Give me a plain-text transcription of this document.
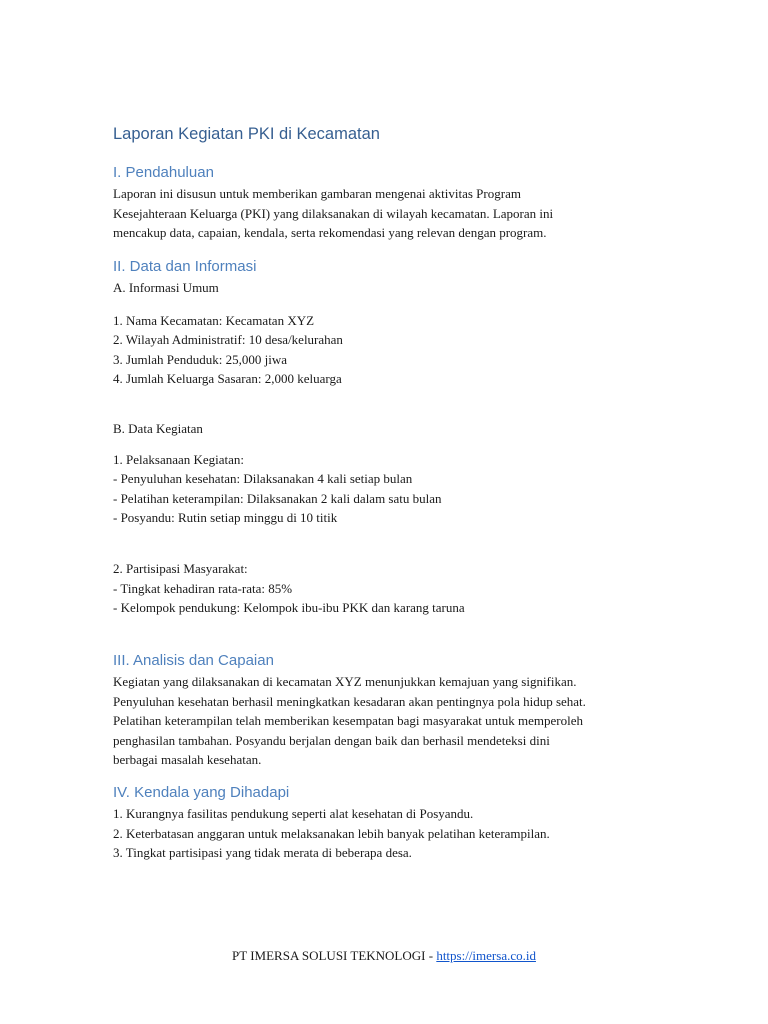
Laporan Kegiatan PKI di Kecamatan
I. Pendahuluan
Laporan ini disusun untuk memberikan gambaran mengenai aktivitas Program
Kesejahteraan Keluarga (PKI) yang dilaksanakan di wilayah kecamatan. Laporan ini
mencakup data, capaian, kendala, serta rekomendasi yang relevan dengan program.
II. Data dan Informasi
A. Informasi Umum
1. Nama Kecamatan: Kecamatan XYZ
2. Wilayah Administratif: 10 desa/kelurahan
3. Jumlah Penduduk: 25,000 jiwa
4. Jumlah Keluarga Sasaran: 2,000 keluarga
B. Data Kegiatan
1. Pelaksanaan Kegiatan:
- Penyuluhan kesehatan: Dilaksanakan 4 kali setiap bulan
- Pelatihan keterampilan: Dilaksanakan 2 kali dalam satu bulan
- Posyandu: Rutin setiap minggu di 10 titik
2. Partisipasi Masyarakat:
- Tingkat kehadiran rata-rata: 85%
- Kelompok pendukung: Kelompok ibu-ibu PKK dan karang taruna
III. Analisis dan Capaian
Kegiatan yang dilaksanakan di kecamatan XYZ menunjukkan kemajuan yang signifikan.
Penyuluhan kesehatan berhasil meningkatkan kesadaran akan pentingnya pola hidup sehat.
Pelatihan keterampilan telah memberikan kesempatan bagi masyarakat untuk memperoleh
penghasilan tambahan. Posyandu berjalan dengan baik dan berhasil mendeteksi dini
berbagai masalah kesehatan.
IV. Kendala yang Dihadapi
1. Kurangnya fasilitas pendukung seperti alat kesehatan di Posyandu.
2. Keterbatasan anggaran untuk melaksanakan lebih banyak pelatihan keterampilan.
3. Tingkat partisipasi yang tidak merata di beberapa desa.
PT IMERSA SOLUSI TEKNOLOGI - https://imersa.co.id
